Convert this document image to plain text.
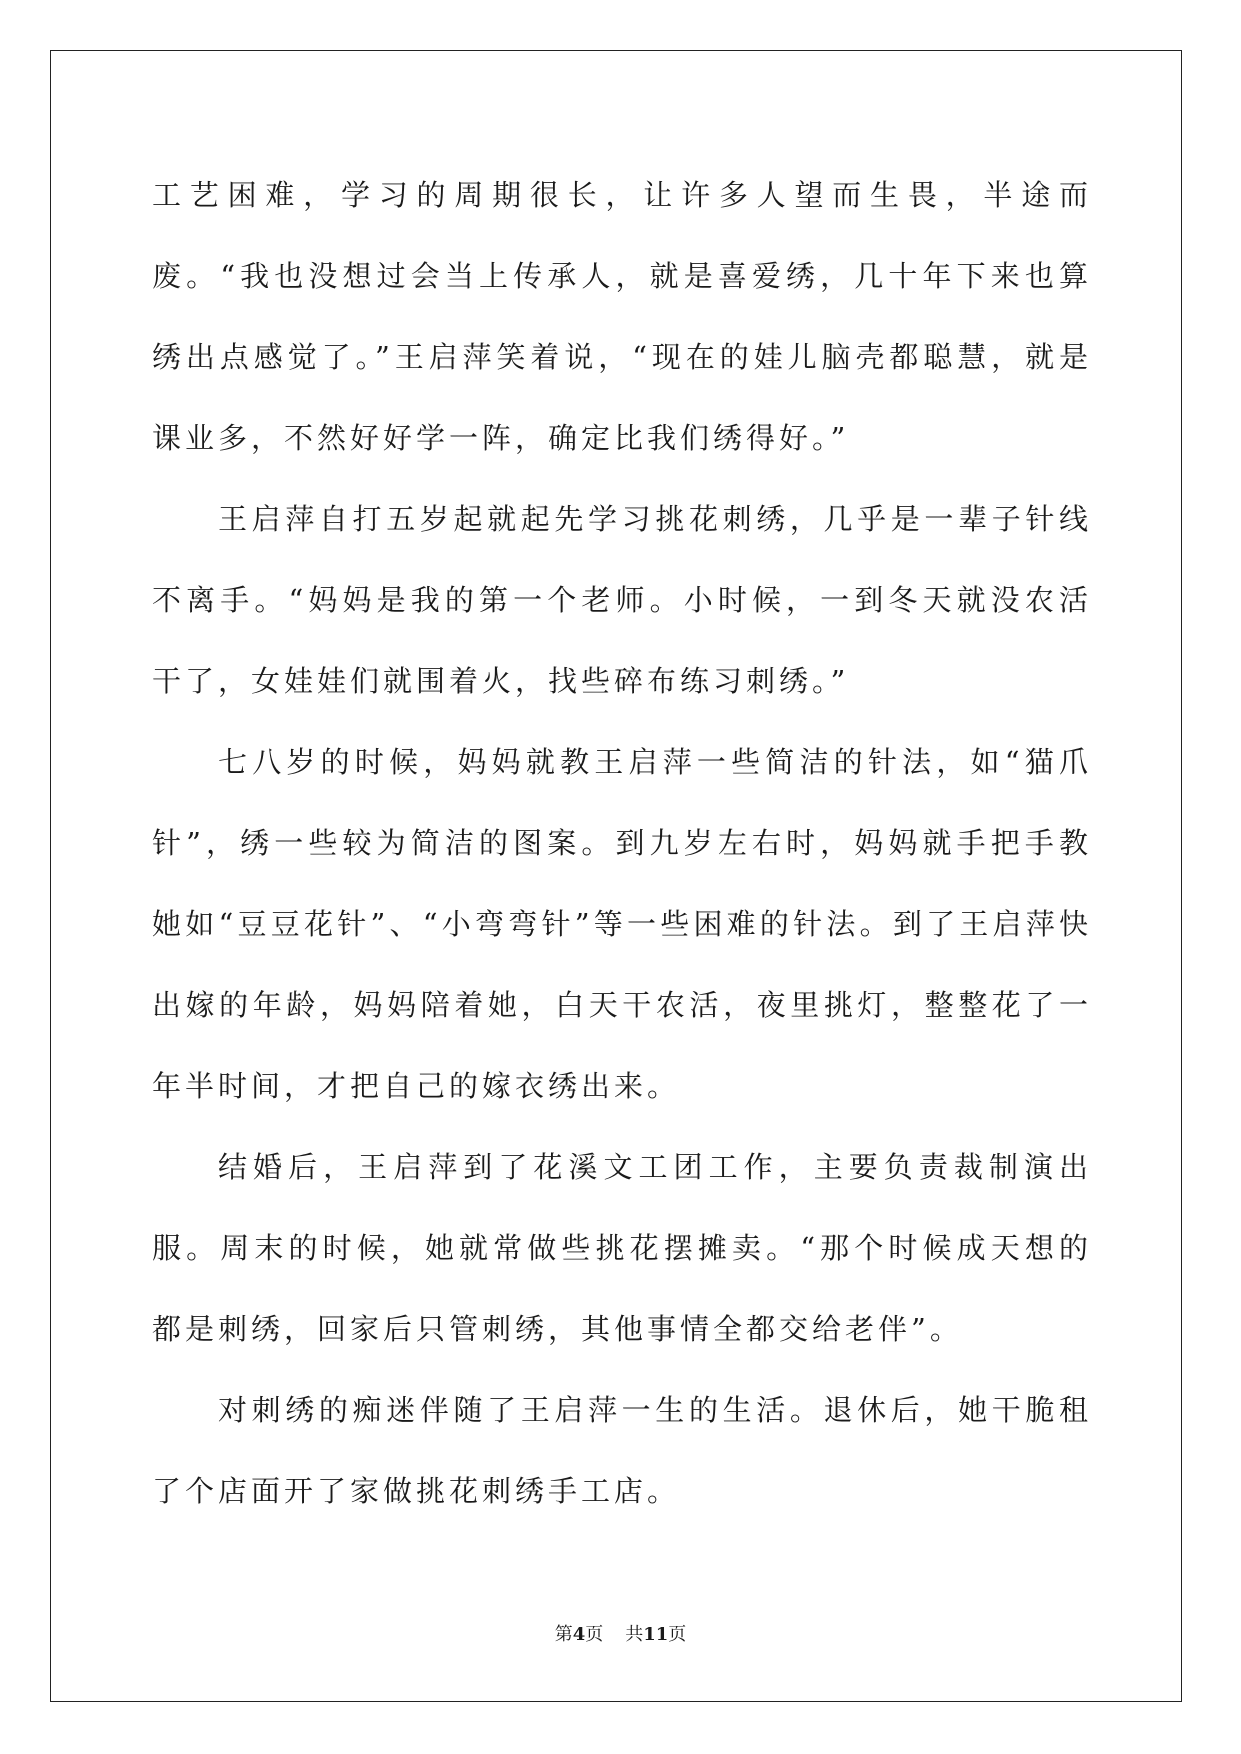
工艺困难，学习的周期很长，让许多人望而生畏，半途而废。“我也没想过会当上传承人，就是喜爱绣，几十年下来也算绣出点感觉了。”王启萍笑着说，“现在的娃儿脑壳都聪慧，就是课业多，不然好好学一阵，确定比我们绣得好。”

王启萍自打五岁起就起先学习挑花刺绣，几乎是一辈子针线不离手。“妈妈是我的第一个老师。小时候，一到冬天就没农活干了，女娃娃们就围着火，找些碎布练习刺绣。”

七八岁的时候，妈妈就教王启萍一些简洁的针法，如“猫爪针”，绣一些较为简洁的图案。到九岁左右时，妈妈就手把手教她如“豆豆花针”、“小弯弯针”等一些困难的针法。到了王启萍快出嫁的年龄，妈妈陪着她，白天干农活，夜里挑灯，整整花了一年半时间，才把自己的嫁衣绣出来。

结婚后，王启萍到了花溪文工团工作，主要负责裁制演出服。周末的时候，她就常做些挑花摆摊卖。“那个时候成天想的都是刺绣，回家后只管刺绣，其他事情全都交给老伴”。

对刺绣的痴迷伴随了王启萍一生的生活。退休后，她干脆租了个店面开了家做挑花刺绣手工店。

第4页 共11页
